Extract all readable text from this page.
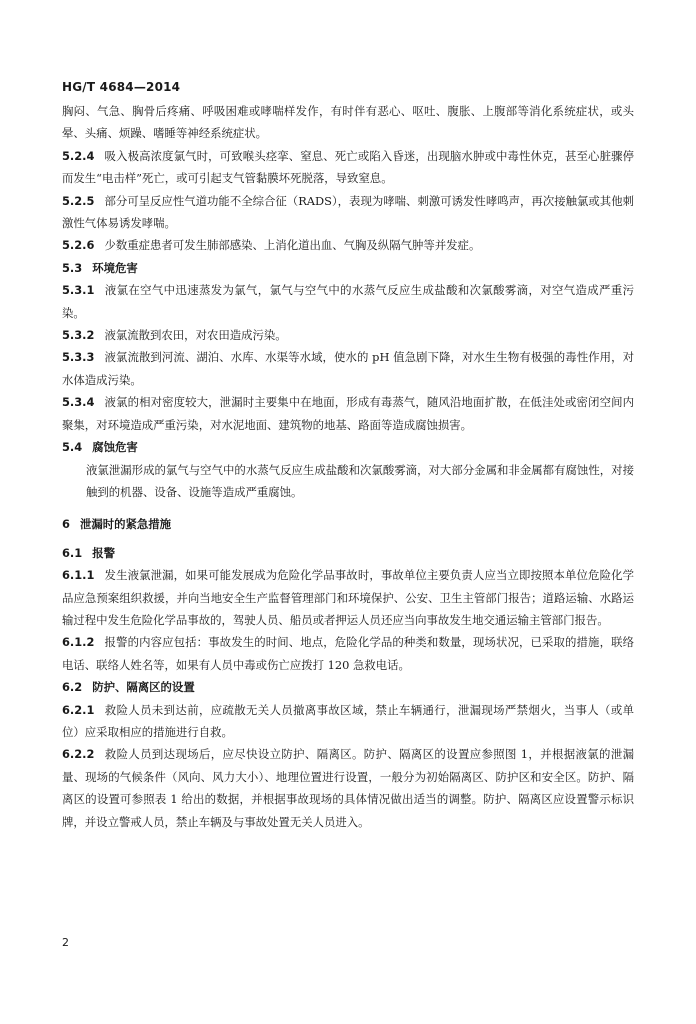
HG/T 4684—2014

胸闷、气急、胸骨后疼痛、呼吸困难或哮喘样发作，有时伴有恶心、呕吐、腹胀、上腹部等消化系统症状，或头晕、头痛、烦躁、嗜睡等神经系统症状。

5.2.4 吸入极高浓度氯气时，可致喉头痉挛、窒息、死亡或陷入昏迷，出现脑水肿或中毒性休克，甚至心脏骤停而发生“电击样”死亡，或可引起支气管黏膜坏死脱落，导致窒息。

5.2.5 部分可呈反应性气道功能不全综合征（RADS），表现为哮喘、刺激可诱发性哮鸣声，再次接触氯或其他刺激性气体易诱发哮喘。

5.2.6 少数重症患者可发生肺部感染、上消化道出血、气胸及纵隔气肿等并发症。

5.3 环境危害

5.3.1 液氯在空气中迅速蒸发为氯气，氯气与空气中的水蒸气反应生成盐酸和次氯酸雾滴，对空气造成严重污染。

5.3.2 液氯流散到农田，对农田造成污染。

5.3.3 液氯流散到河流、湖泊、水库、水渠等水域，使水的 pH 值急剧下降，对水生生物有极强的毒性作用，对水体造成污染。

5.3.4 液氯的相对密度较大，泄漏时主要集中在地面，形成有毒蒸气，随风沿地面扩散，在低洼处或密闭空间内聚集，对环境造成严重污染，对水泥地面、建筑物的地基、路面等造成腐蚀损害。

5.4 腐蚀危害

液氯泄漏形成的氯气与空气中的水蒸气反应生成盐酸和次氯酸雾滴，对大部分金属和非金属都有腐蚀性，对接触到的机器、设备、设施等造成严重腐蚀。

6 泄漏时的紧急措施

6.1 报警

6.1.1 发生液氯泄漏，如果可能发展成为危险化学品事故时，事故单位主要负责人应当立即按照本单位危险化学品应急预案组织救援，并向当地安全生产监督管理部门和环境保护、公安、卫生主管部门报告；道路运输、水路运输过程中发生危险化学品事故的，驾驶人员、船员或者押运人员还应当向事故发生地交通运输主管部门报告。

6.1.2 报警的内容应包括：事故发生的时间、地点，危险化学品的种类和数量，现场状况，已采取的措施，联络电话、联络人姓名等，如果有人员中毒或伤亡应拨打 120 急救电话。

6.2 防护、隔离区的设置

6.2.1 救险人员未到达前，应疏散无关人员撤离事故区域，禁止车辆通行，泄漏现场严禁烟火，当事人（或单位）应采取相应的措施进行自救。

6.2.2 救险人员到达现场后，应尽快设立防护、隔离区。防护、隔离区的设置应参照图 1，并根据液氯的泄漏量、现场的气候条件（风向、风力大小）、地理位置进行设置，一般分为初始隔离区、防护区和安全区。防护、隔离区的设置可参照表 1 给出的数据，并根据事故现场的具体情况做出适当的调整。防护、隔离区应设置警示标识牌，并设立警戒人员，禁止车辆及与事故处置无关人员进入。

2
